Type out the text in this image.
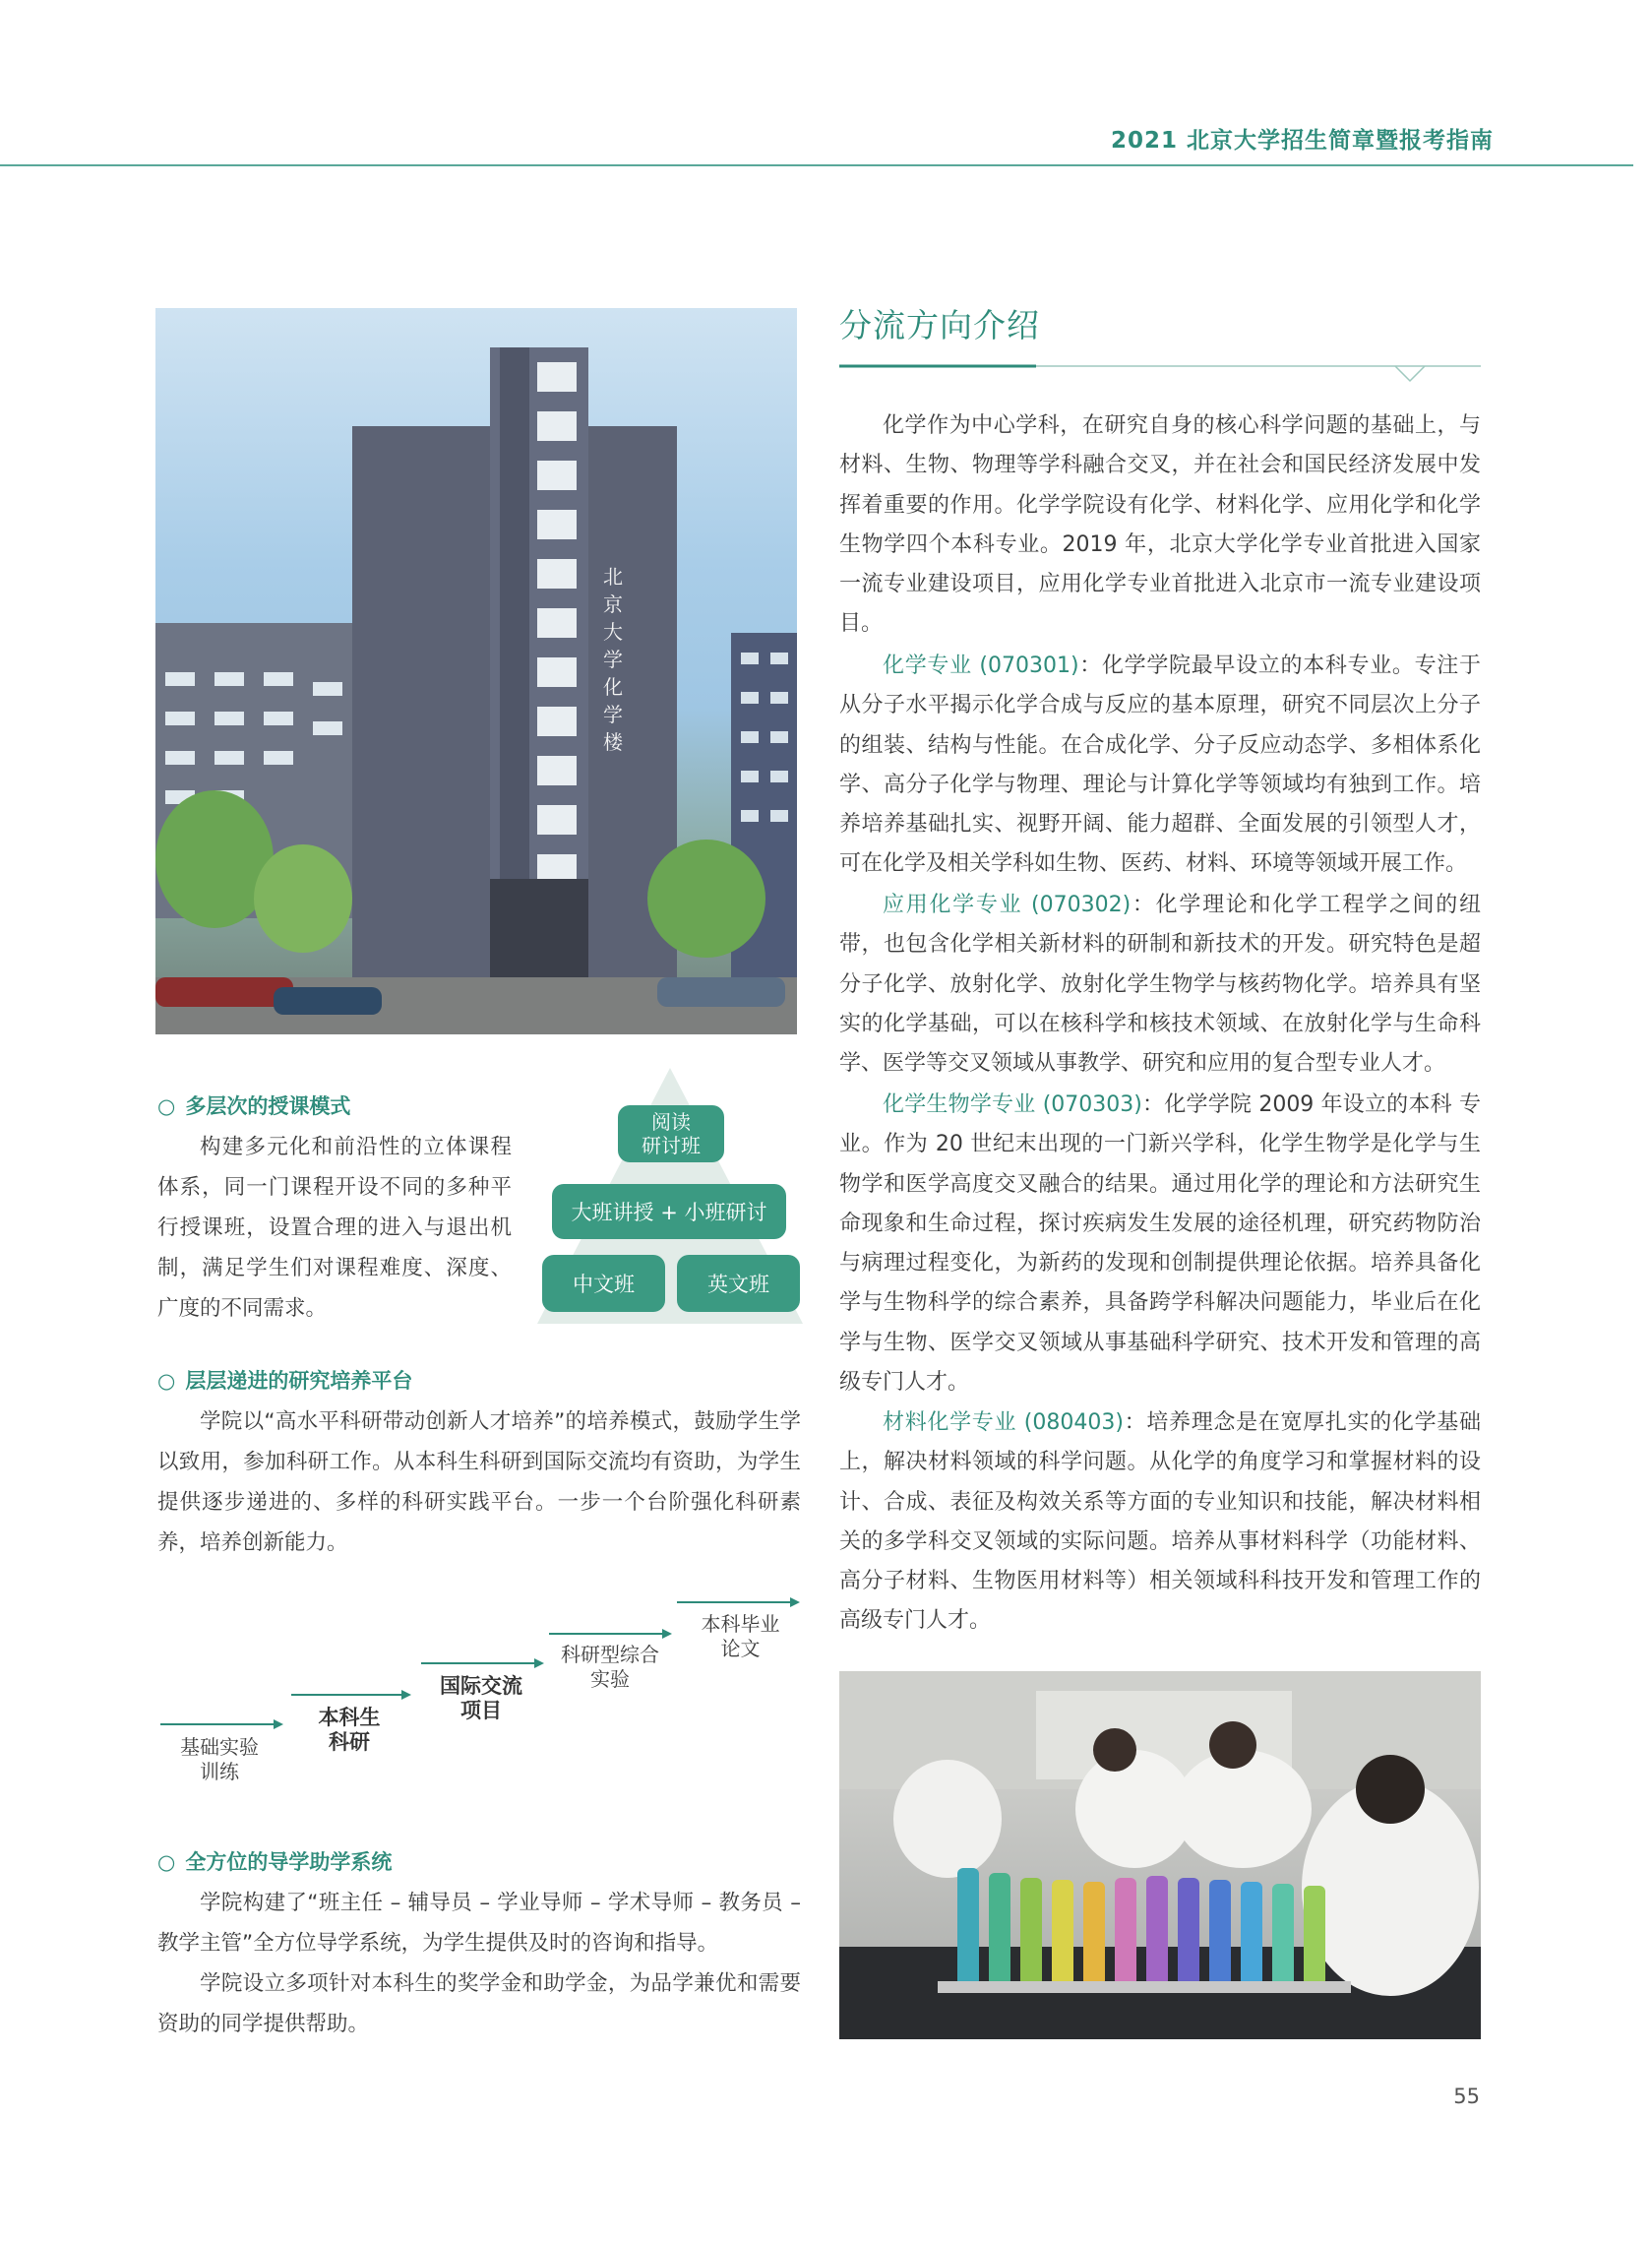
2021 北京大学招生简章暨报考指南
北
京
大
学
化
学
楼
分流方向介绍

化学作为中心学科，在研究自身的核心科学问题的基础上，与材料、生物、物理等学科融合交叉，并在社会和国民经济发展中发挥着重要的作用。化学学院设有化学、材料化学、应用化学和化学生物学四个本科专业。2019 年，北京大学化学专业首批进入国家一流专业建设项目，应用化学专业首批进入北京市一流专业建设项目。

化学专业 (070301)：化学学院最早设立的本科专业。专注于从分子水平揭示化学合成与反应的基本原理，研究不同层次上分子的组装、结构与性能。在合成化学、分子反应动态学、多相体系化学、高分子化学与物理、理论与计算化学等领域均有独到工作。培养培养基础扎实、视野开阔、能力超群、全面发展的引领型人才，可在化学及相关学科如生物、医药、材料、环境等领域开展工作。

应用化学专业 (070302)：化学理论和化学工程学之间的纽带，也包含化学相关新材料的研制和新技术的开发。研究特色是超分子化学、放射化学、放射化学生物学与核药物化学。培养具有坚实的化学基础，可以在核科学和核技术领域、在放射化学与生命科学、医学等交叉领域从事教学、研究和应用的复合型专业人才。

化学生物学专业 (070303)：化学学院 2009 年设立的本科 专业。作为 20 世纪末出现的一门新兴学科，化学生物学是化学与生物学和医学高度交叉融合的结果。通过用化学的理论和方法研究生命现象和生命过程，探讨疾病发生发展的途径机理，研究药物防治与病理过程变化，为新药的发现和创制提供理论依据。培养具备化学与生物科学的综合素养，具备跨学科解决问题能力，毕业后在化学与生物、医学交叉领域从事基础科学研究、技术开发和管理的高级专门人才。

材料化学专业 (080403)：培养理念是在宽厚扎实的化学基础上，解决材料领域的科学问题。从化学的角度学习和掌握材料的设计、合成、表征及构效关系等方面的专业知识和技能，解决材料相关的多学科交叉领域的实际问题。培养从事材料科学（功能材料、高分子材料、生物医用材料等）相关领域科科技开发和管理工作的高级专门人才。

○ 多层次的授课模式

构建多元化和前沿性的立体课程体系，同一门课程开设不同的多种平行授课班，设置合理的进入与退出机制，满足学生们对课程难度、深度、广度的不同需求。

阅读
研讨班
大班讲授 + 小班研讨
中文班	英文班
○ 层层递进的研究培养平台

学院以“高水平科研带动创新人才培养”的培养模式，鼓励学生学以致用，参加科研工作。从本科生科研到国际交流均有资助，为学生提供逐步递进的、多样的科研实践平台。一步一个台阶强化科研素养，培养创新能力。

基础实验
训练
本科生
科研
国际交流
项目
科研型综合
实验
本科毕业
论文
○ 全方位的导学助学系统

学院构建了“班主任 – 辅导员 – 学业导师 – 学术导师 – 教务员 – 教学主管”全方位导学系统，为学生提供及时的咨询和指导。

学院设立多项针对本科生的奖学金和助学金，为品学兼优和需要资助的同学提供帮助。

55
